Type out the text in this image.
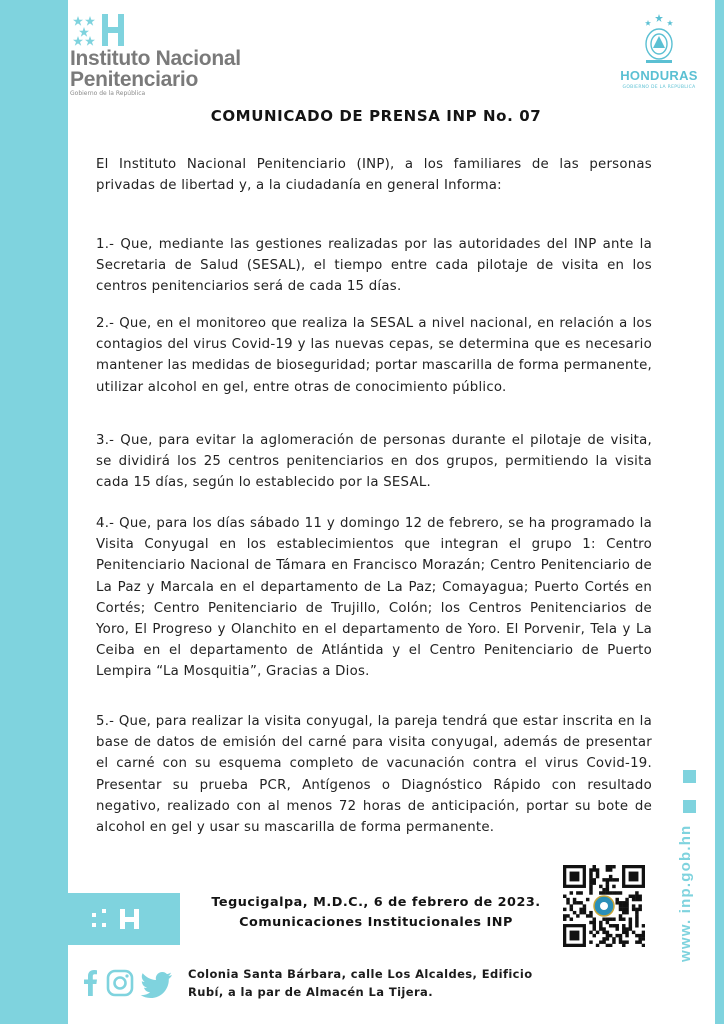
Instituto Nacional
Penitenciario
Gobierno de la República
HONDURAS
GOBIERNO DE LA REPÚBLICA
COMUNICADO DE PRENSA INP No. 07

El Instituto Nacional Penitenciario (INP), a los familiares de las personas privadas de libertad y, a la ciudadanía en general Informa:

1.- Que, mediante las gestiones realizadas por las autoridades del INP ante la Secretaria de Salud (SESAL), el tiempo entre cada pilotaje de visita en los centros penitenciarios será de cada 15 días.

2.- Que, en el monitoreo que realiza la SESAL a nivel nacional, en relación a los contagios del virus Covid-19 y las nuevas cepas, se determina que es necesario mantener las medidas de bioseguridad; portar mascarilla de forma permanente, utilizar alcohol en gel, entre otras de conocimiento público.

3.- Que, para evitar la aglomeración de personas durante el pilotaje de visita, se dividirá los 25 centros penitenciarios en dos grupos, permitiendo la visita cada 15 días, según lo establecido por la SESAL.

4.- Que, para los días sábado 11 y domingo 12 de febrero, se ha programado la Visita Conyugal en los establecimientos que integran el grupo 1: Centro Penitenciario Nacional de Támara en Francisco Morazán; Centro Penitenciario de La Paz y Marcala en el departamento de La Paz; Comayagua; Puerto Cortés en Cortés; Centro Penitenciario de Trujillo, Colón; los Centros Penitenciarios de Yoro, El Progreso y Olanchito en el departamento de Yoro. El Porvenir, Tela y La Ceiba en el departamento de Atlántida y el Centro Penitenciario de Puerto Lempira “La Mosquitia”, Gracias a Dios.

5.- Que, para realizar la visita conyugal, la pareja tendrá que estar inscrita en la base de datos de emisión del carné para visita conyugal, además de presentar el carné con su esquema completo de vacunación contra el virus Covid-19. Presentar su prueba PCR, Antígenos o Diagnóstico Rápido con resultado negativo, realizado con al menos 72 horas de anticipación, portar su bote de alcohol en gel y usar su mascarilla de forma permanente.

Tegucigalpa, M.D.C., 6 de febrero de 2023.
Comunicaciones Institucionales INP
Colonia Santa Bárbara, calle Los Alcaldes, Edificio
Rubí, a la par de Almacén La Tijera.
www. inp.gob.hn
